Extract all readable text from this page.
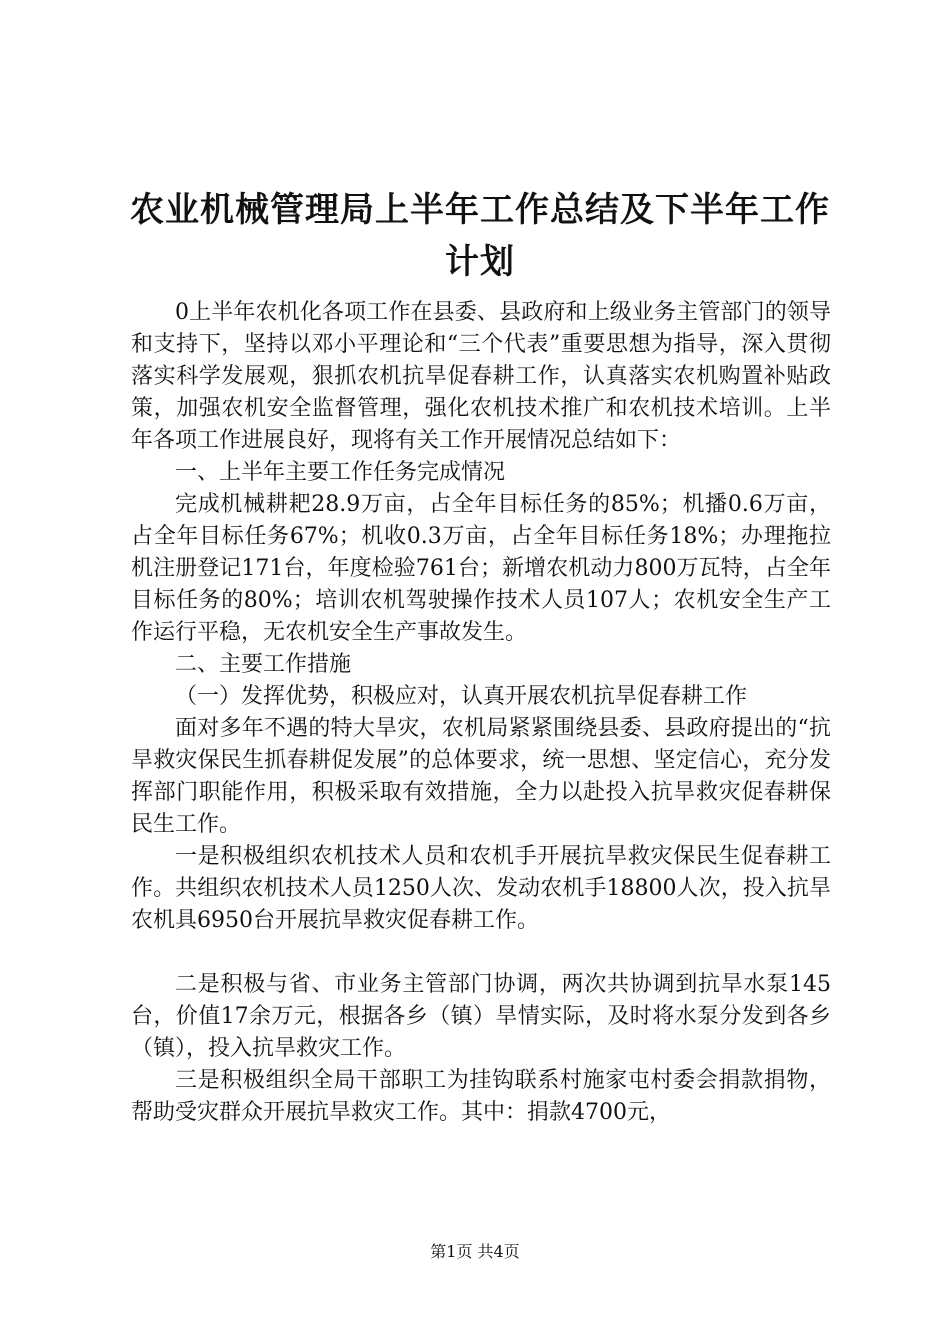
农业机械管理局上半年工作总结及下半年工作计划

0上半年农机化各项工作在县委、县政府和上级业务主管部门的领导和支持下，坚持以邓小平理论和“三个代表”重要思想为指导，深入贯彻落实科学发展观，狠抓农机抗旱促春耕工作，认真落实农机购置补贴政策，加强农机安全监督管理，强化农机技术推广和农机技术培训。上半年各项工作进展良好，现将有关工作开展情况总结如下：

一、上半年主要工作任务完成情况

完成机械耕耙28.9万亩，占全年目标任务的85%；机播0.6万亩，占全年目标任务67%；机收0.3万亩，占全年目标任务18%；办理拖拉机注册登记171台，年度检验761台；新增农机动力800万瓦特，占全年目标任务的80%；培训农机驾驶操作技术人员107人；农机安全生产工作运行平稳，无农机安全生产事故发生。

二、主要工作措施

（一）发挥优势，积极应对，认真开展农机抗旱促春耕工作

面对多年不遇的特大旱灾，农机局紧紧围绕县委、县政府提出的“抗旱救灾保民生抓春耕促发展”的总体要求，统一思想、坚定信心，充分发挥部门职能作用，积极采取有效措施，全力以赴投入抗旱救灾促春耕保民生工作。

一是积极组织农机技术人员和农机手开展抗旱救灾保民生促春耕工作。共组织农机技术人员1250人次、发动农机手18800人次，投入抗旱农机具6950台开展抗旱救灾促春耕工作。

二是积极与省、市业务主管部门协调，两次共协调到抗旱水泵145台，价值17余万元，根据各乡（镇）旱情实际，及时将水泵分发到各乡（镇），投入抗旱救灾工作。

三是积极组织全局干部职工为挂钩联系村施家屯村委会捐款捐物，帮助受灾群众开展抗旱救灾工作。其中：捐款4700元，

第1页 共4页
